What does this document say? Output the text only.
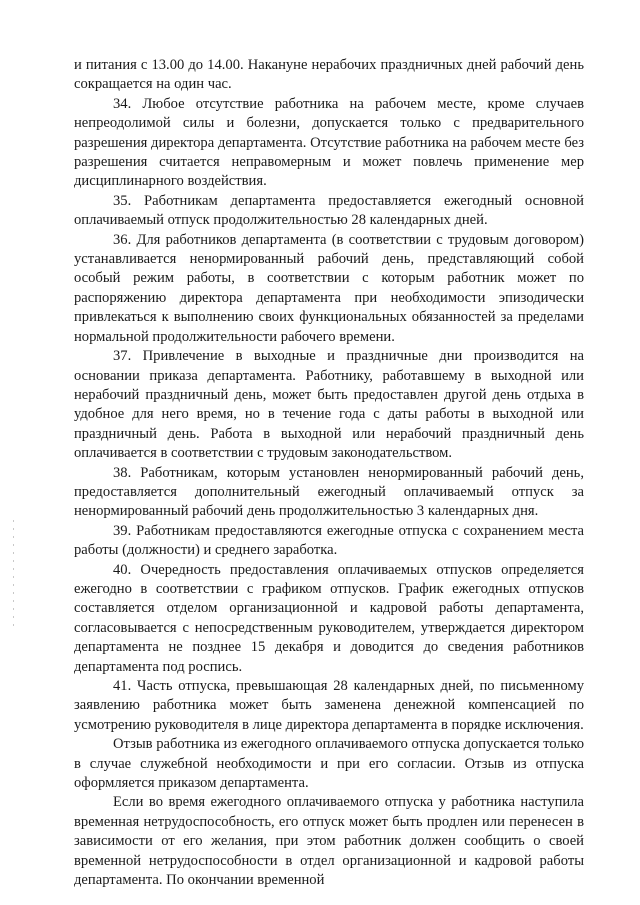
и питания с 13.00 до 14.00. Накануне нерабочих праздничных дней рабочий день сокращается на один час.

34. Любое отсутствие работника на рабочем месте, кроме случаев непреодолимой силы и болезни, допускается только с предварительного разрешения директора департамента. Отсутствие работника на рабочем месте без разрешения считается неправомерным и может повлечь применение мер дисциплинарного воздействия.

35. Работникам департамента предоставляется ежегодный основной оплачиваемый отпуск продолжительностью 28 календарных дней.

36. Для работников департамента (в соответствии с трудовым договором) устанавливается ненормированный рабочий день, представляющий собой особый режим работы, в соответствии с которым работник может по распоряжению директора департамента при необходимости эпизодически привлекаться к выполнению своих функциональных обязанностей за пределами нормальной продолжительности рабочего времени.

37. Привлечение в выходные и праздничные дни производится на основании приказа департамента. Работнику, работавшему в выходной или нерабочий праздничный день, может быть предоставлен другой день отдыха в удобное для него время, но в течение года с даты работы в выходной или праздничный день. Работа в выходной или нерабочий праздничный день оплачивается в соответствии с трудовым законодательством.

38. Работникам, которым установлен ненормированный рабочий день, предоставляется дополнительный ежегодный оплачиваемый отпуск за ненормированный рабочий день продолжительностью 3 календарных дня.

39. Работникам предоставляются ежегодные отпуска с сохранением места работы (должности) и среднего заработка.

40. Очередность предоставления оплачиваемых отпусков определяется ежегодно в соответствии с графиком отпусков. График ежегодных отпусков составляется отделом организационной и кадровой работы департамента, согласовывается с непосредственным руководителем, утверждается директором департамента не позднее 15 декабря и доводится до сведения работников департамента под роспись.

41. Часть отпуска, превышающая 28 календарных дней, по письменному заявлению работника может быть заменена денежной компенсацией по усмотрению руководителя в лице директора департамента в порядке исключения.

Отзыв работника из ежегодного оплачиваемого отпуска допускается только в случае служебной необходимости и при его согласии. Отзыв из отпуска оформляется приказом департамента.

Если во время ежегодного оплачиваемого отпуска у работника наступила временная нетрудоспособность, его отпуск может быть продлен или перенесен в зависимости от его желания, при этом работник должен сообщить о своей временной нетрудоспособности в отдел организационной и кадровой работы департамента. По окончании временной
